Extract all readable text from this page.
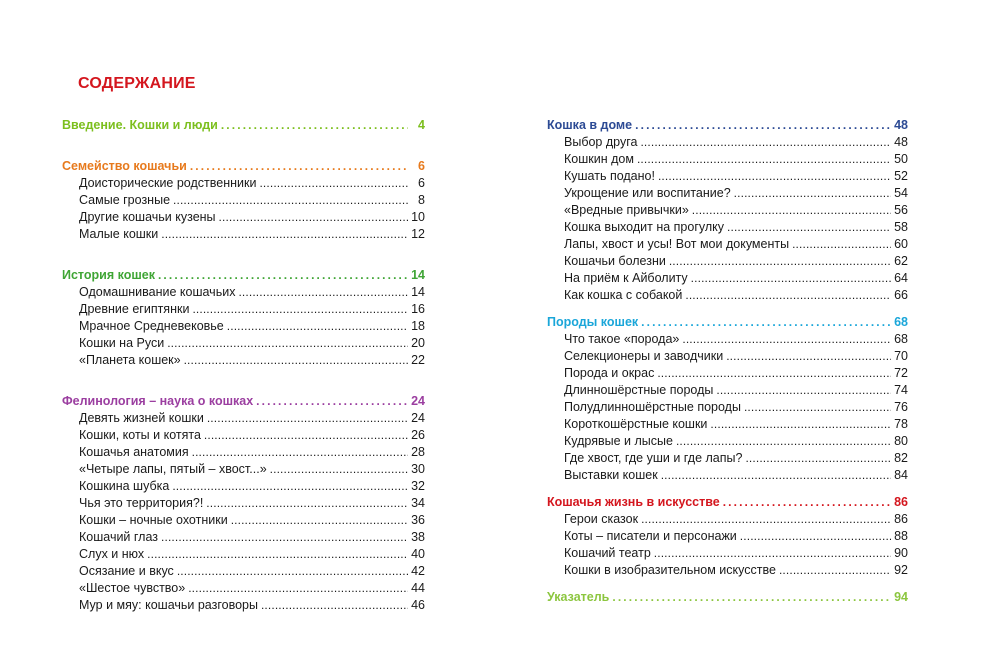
СОДЕРЖАНИЕ
Введение. Кошки и люди . . .	4
Семейство кошачьи . . .	6
Доисторические родственники . . .	6
Самые грозные . . .	8
Другие кошачьи кузены . . .	10
Малые кошки . . .	12
История кошек . . .	14
Одомашнивание кошачьих . . .	14
Древние египтянки . . .	16
Мрачное Средневековье . . .	18
Кошки на Руси . . .	20
«Планета кошек» . . .	22
Фелинология – наука о кошках . . .	24
Девять жизней кошки . . .	24
Кошки, коты и котята . . .	26
Кошачья анатомия . . .	28
«Четыре лапы, пятый – хвост...» . . .	30
Кошкина шубка . . .	32
Чья это территория?! . . .	34
Кошки – ночные охотники . . .	36
Кошачий глаз . . .	38
Слух и нюх . . .	40
Осязание и вкус . . .	42
«Шестое чувство» . . .	44
Мур и мяу: кошачьи разговоры . . .	46
Кошка в доме . . .	48
Выбор друга . . .	48
Кошкин дом . . .	50
Кушать подано! . . .	52
Укрощение или воспитание? . . .	54
«Вредные привычки» . . .	56
Кошка выходит на прогулку . . .	58
Лапы, хвост и усы! Вот мои документы . . .	60
Кошачьи болезни . . .	62
На приём к Айболиту . . .	64
Как кошка с собакой . . .	66
Породы кошек . . .	68
Что такое «порода» . . .	68
Селекционеры и заводчики . . .	70
Порода и окрас . . .	72
Длинношёрстные породы . . .	74
Полудлинношёрстные породы . . .	76
Короткошёрстные кошки . . .	78
Кудрявые и лысые . . .	80
Где хвост, где уши и где лапы? . . .	82
Выставки кошек . . .	84
Кошачья жизнь в искусстве . . .	86
Герои сказок . . .	86
Коты – писатели и персонажи . . .	88
Кошачий театр . . .	90
Кошки в изобразительном искусстве . . .	92
Указатель . . .	94
